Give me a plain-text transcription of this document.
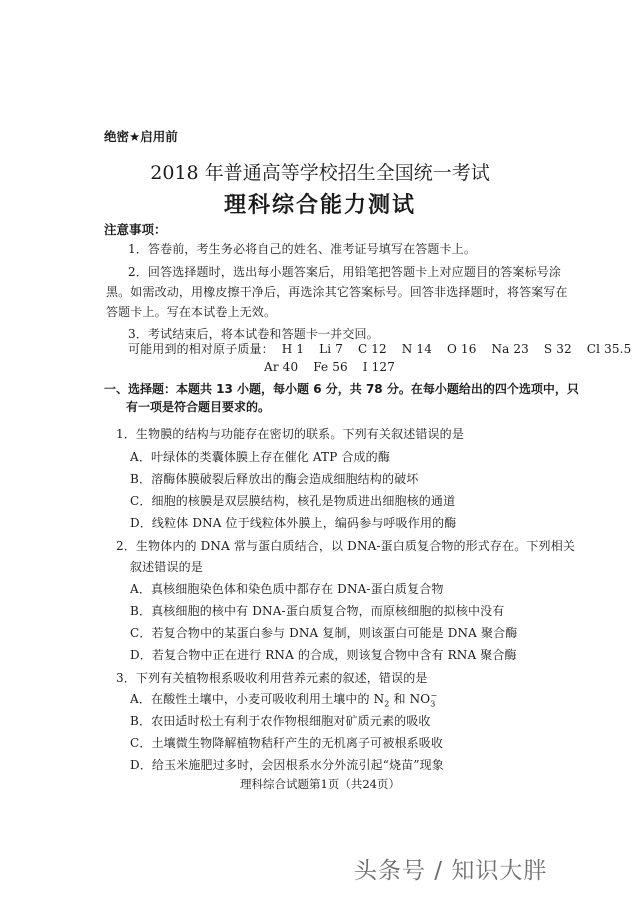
绝密★启用前
2018 年普通高等学校招生全国统一考试
理科综合能力测试
注意事项：
1．答卷前，考生务必将自己的姓名、准考证号填写在答题卡上。
2．回答选择题时，选出每小题答案后，用铅笔把答题卡上对应题目的答案标号涂
黑。如需改动，用橡皮擦干净后，再选涂其它答案标号。回答非选择题时，将答案写在
答题卡上。写在本试卷上无效。
3．考试结束后，将本试卷和答题卡一并交回。
可能用到的相对原子质量： H 1 Li 7 C 12 N 14 O 16 Na 23 S 32 Cl 35.5
Ar 40 Fe 56 I 127
一、选择题：本题共 13 小题，每小题 6 分，共 78 分。在每小题给出的四个选项中，只
有一项是符合题目要求的。
1．生物膜的结构与功能存在密切的联系。下列有关叙述错误的是
A．叶绿体的类囊体膜上存在催化 ATP 合成的酶
B．溶酶体膜破裂后释放出的酶会造成细胞结构的破坏
C．细胞的核膜是双层膜结构，核孔是物质进出细胞核的通道
D．线粒体 DNA 位于线粒体外膜上，编码参与呼吸作用的酶
2．生物体内的 DNA 常与蛋白质结合，以 DNA-蛋白质复合物的形式存在。下列相关
叙述错误的是
A．真核细胞染色体和染色质中都存在 DNA-蛋白质复合物
B．真核细胞的核中有 DNA-蛋白质复合物，而原核细胞的拟核中没有
C．若复合物中的某蛋白参与 DNA 复制，则该蛋白可能是 DNA 聚合酶
D．若复合物中正在进行 RNA 的合成，则该复合物中含有 RNA 聚合酶
3．下列有关植物根系吸收利用营养元素的叙述，错误的是
A．在酸性土壤中，小麦可吸收利用土壤中的 $N_2$ 和 $NO_3^-$
B．农田适时松土有利于农作物根细胞对矿质元素的吸收
C．土壤微生物降解植物秸秆产生的无机离子可被根系吸收
D．给玉米施肥过多时，会因根系水分外流引起“烧苗”现象
理科综合试题第1页（共24页）
头条号 / 知识大胖
